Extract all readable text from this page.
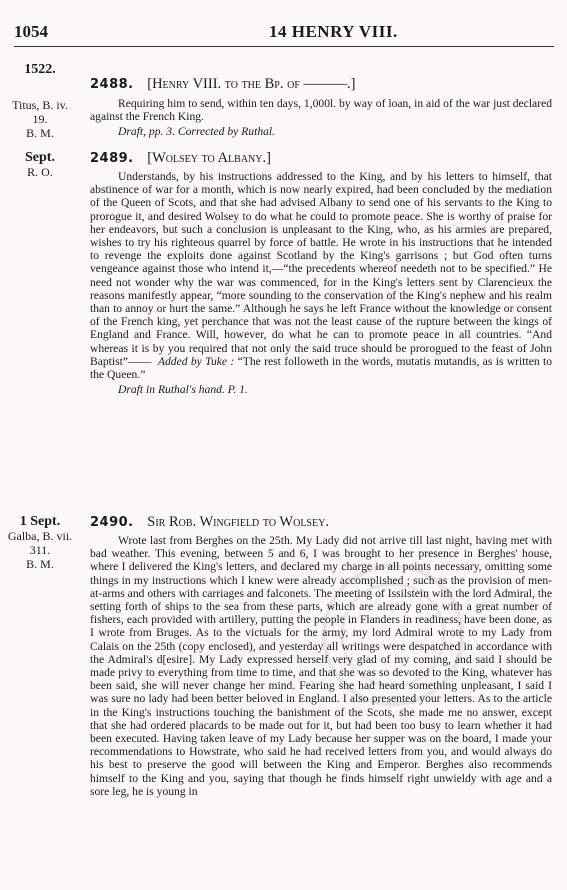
1054	14 HENRY VIII.
1522.
2488. [Henry VIII. to the Bp. of ———.]
Titus, B. iv.
19.
B. M.

Requiring him to send, within ten days, 1,000l. by way of loan, in aid of the war just declared against the French King.

Draft, pp. 3. Corrected by Ruthal.

Sept.
R. O.
2489. [Wolsey to Albany.]

Understands, by his instructions addressed to the King, and by his letters to himself, that abstinence of war for a month, which is now nearly expired, had been concluded by the mediation of the Queen of Scots, and that she had advised Albany to send one of his servants to the King to prorogue it, and desired Wolsey to do what he could to promote peace. She is worthy of praise for her endeavors, but such a conclusion is unpleasant to the King, who, as his armies are prepared, wishes to try his righteous quarrel by force of battle. He wrote in his instructions that he intended to revenge the exploits done against Scotland by the King's garrisons ; but God often turns vengeance against those who intend it,—“the precedents whereof needeth not to be specified.” He need not wonder why the war was commenced, for in the King's letters sent by Clarencieux the reasons manifestly appear, “more sounding to the conservation of the King's nephew and his realm than to annoy or hurt the same.” Although he says he left France without the knowledge or consent of the French king, yet perchance that was not the least cause of the rupture between the kings of England and France. Will, however, do what he can to promote peace in all countries. “And whereas it is by you required that not only the said truce should be prorogued to the feast of John Baptist”—— Added by Tuke : “The rest followeth in the words, mutatis mutandis, as is written to the Queen.”

Draft in Ruthal's hand. P. 1.

1 Sept.
Galba, B. vii.
311.
B. M.
2490. Sir Rob. Wingfield to Wolsey.

Wrote last from Berghes on the 25th. My Lady did not arrive till last night, having met with bad weather. This evening, between 5 and 6, I was brought to her presence in Berghes' house, where I delivered the King's letters, and declared my charge in all points necessary, omitting some things in my instructions which I knew were already accomplished ; such as the provision of men-at-arms and others with carriages and falconets. The meeting of Issilstein with the lord Admiral, the setting forth of ships to the sea from these parts, which are already gone with a great number of fishers, each provided with artillery, putting the people in Flanders in readiness, have been done, as I wrote from Bruges. As to the victuals for the army, my lord Admiral wrote to my Lady from Calais on the 25th (copy enclosed), and yesterday all writings were despatched in accordance with the Admiral's d[esire]. My Lady expressed herself very glad of my coming, and said I should be made privy to everything from time to time, and that she was so devoted to the King, whatever has been said, she will never change her mind. Fearing she had heard something unpleasant, I said I was sure no lady had been better beloved in England. I also presented your letters. As to the article in the King's instructions touching the banishment of the Scots, she made me no answer, except that she had ordered placards to be made out for it, but had been too busy to learn whether it had been executed. Having taken leave of my Lady because her supper was on the board, I made your recommendations to Howstrate, who said he had received letters from you, and would always do his best to preserve the good will between the King and Emperor. Berghes also recommends himself to the King and you, saying that though he finds himself right unwieldy with age and a sore leg, he is young in
